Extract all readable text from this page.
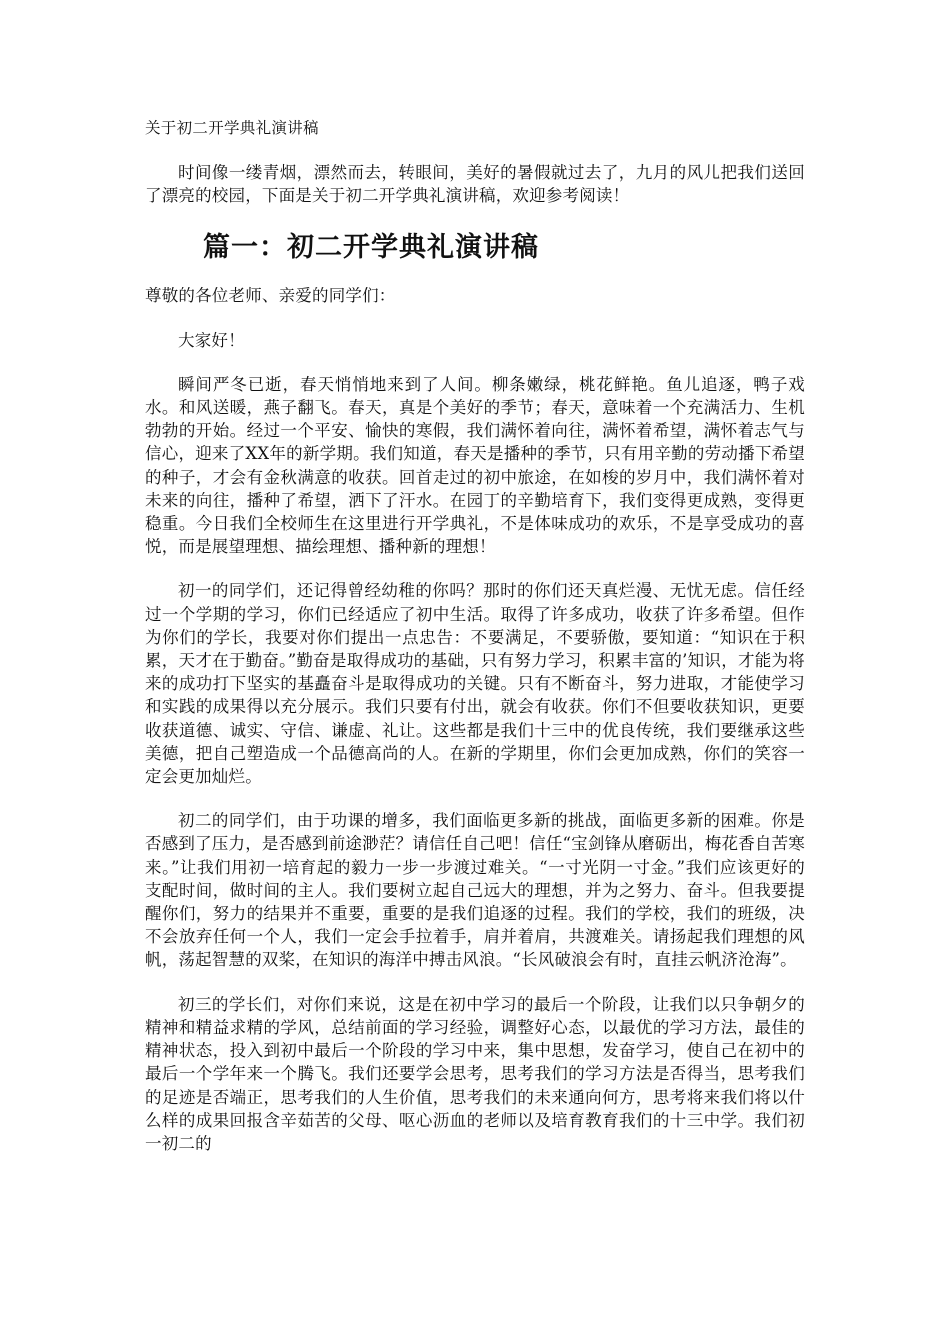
关于初二开学典礼演讲稿

时间像一缕青烟，漂然而去，转眼间，美好的暑假就过去了，九月的风儿把我们送回了漂亮的校园，下面是关于初二开学典礼演讲稿，欢迎参考阅读！

篇一：初二开学典礼演讲稿

尊敬的各位老师、亲爱的同学们：

大家好！

瞬间严冬已逝，春天悄悄地来到了人间。柳条嫩绿，桃花鲜艳。鱼儿追逐，鸭子戏水。和风送暖，燕子翻飞。春天，真是个美好的季节；春天，意味着一个充满活力、生机勃勃的开始。经过一个平安、愉快的寒假，我们满怀着向往，满怀着希望，满怀着志气与信心，迎来了XX年的新学期。我们知道，春天是播种的季节，只有用辛勤的劳动播下希望的种子，才会有金秋满意的收获。回首走过的初中旅途，在如梭的岁月中，我们满怀着对未来的向往，播种了希望，洒下了汗水。在园丁的辛勤培育下，我们变得更成熟，变得更稳重。今日我们全校师生在这里进行开学典礼，不是体味成功的欢乐，不是享受成功的喜悦，而是展望理想、描绘理想、播种新的理想！

初一的同学们，还记得曾经幼稚的你吗？那时的你们还天真烂漫、无忧无虑。信任经过一个学期的学习，你们已经适应了初中生活。取得了许多成功，收获了许多希望。但作为你们的学长，我要对你们提出一点忠告：不要满足，不要骄傲，要知道：“知识在于积累，天才在于勤奋。”勤奋是取得成功的基础，只有努力学习，积累丰富的’知识，才能为将来的成功打下坚实的基矗奋斗是取得成功的关键。只有不断奋斗，努力进取，才能使学习和实践的成果得以充分展示。我们只要有付出，就会有收获。你们不但要收获知识，更要收获道德、诚实、守信、谦虚、礼让。这些都是我们十三中的优良传统，我们要继承这些美德，把自己塑造成一个品德高尚的人。在新的学期里，你们会更加成熟，你们的笑容一定会更加灿烂。

初二的同学们，由于功课的增多，我们面临更多新的挑战，面临更多新的困难。你是否感到了压力，是否感到前途渺茫？请信任自己吧！信任“宝剑锋从磨砺出，梅花香自苦寒来。”让我们用初一培育起的毅力一步一步渡过难关。“一寸光阴一寸金。”我们应该更好的支配时间，做时间的主人。我们要树立起自己远大的理想，并为之努力、奋斗。但我要提醒你们，努力的结果并不重要，重要的是我们追逐的过程。我们的学校，我们的班级，决不会放弃任何一个人，我们一定会手拉着手，肩并着肩，共渡难关。请扬起我们理想的风帆，荡起智慧的双桨，在知识的海洋中搏击风浪。“长风破浪会有时，直挂云帆济沧海”。

初三的学长们，对你们来说，这是在初中学习的最后一个阶段，让我们以只争朝夕的精神和精益求精的学风，总结前面的学习经验，调整好心态，以最优的学习方法，最佳的精神状态，投入到初中最后一个阶段的学习中来，集中思想，发奋学习，使自己在初中的最后一个学年来一个腾飞。我们还要学会思考，思考我们的学习方法是否得当，思考我们的足迹是否端正，思考我们的人生价值，思考我们的未来通向何方，思考将来我们将以什么样的成果回报含辛茹苦的父母、呕心沥血的老师以及培育教育我们的十三中学。我们初一初二的
